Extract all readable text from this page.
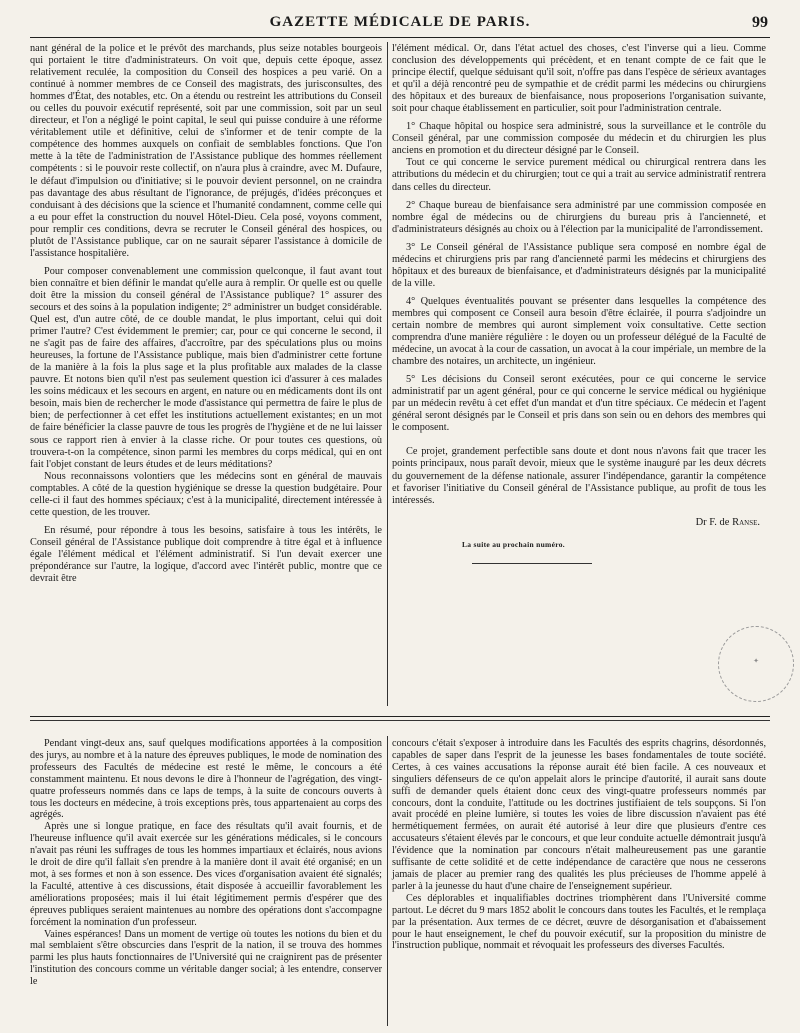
GAZETTE MÉDICALE DE PARIS.	99

nant général de la police et le prévôt des marchands, plus seize notables bourgeois qui portaient le titre d'administrateurs. On voit que, depuis cette époque, assez relativement reculée, la composition du Conseil des hospices a peu varié. On a continué à nommer membres de ce Conseil des magistrats, des jurisconsultes, des hommes d'État, des notables, etc. On a étendu ou restreint les attributions du Conseil ou celles du pouvoir exécutif représenté, soit par une commission, soit par un seul directeur, et l'on a négligé le point capital, le seul qui puisse conduire à une réforme véritablement utile et définitive, celui de s'informer et de tenir compte de la compétence des hommes auxquels on confiait de semblables fonctions. Que l'on mette à la tête de l'administration de l'Assistance publique des hommes réellement compétents : si le pouvoir reste collectif, on n'aura plus à craindre, avec M. Dufaure, le défaut d'impulsion ou d'initiative; si le pouvoir devient personnel, on ne craindra pas davantage des abus résultant de l'ignorance, de préjugés, d'idées préconçues et conduisant à des décisions que la science et l'humanité condamnent, comme celle qui a eu pour effet la construction du nouvel Hôtel-Dieu. Cela posé, voyons comment, pour remplir ces conditions, devra se recruter le Conseil général des hospices, ou plutôt de l'Assistance publique, car on ne saurait séparer l'assistance à domicile de l'assistance hospitalière.

Pour composer convenablement une commission quelconque, il faut avant tout bien connaître et bien définir le mandat qu'elle aura à remplir. Or quelle est ou quelle doit être la mission du conseil général de l'Assistance publique? 1° assurer des secours et des soins à la population indigente; 2° administrer un budget considérable. Quel est, d'un autre côté, de ce double mandat, le plus important, celui qui doit primer l'autre? C'est évidemment le premier; car, pour ce qui concerne le second, il ne s'agit pas de faire des affaires, d'accroître, par des spéculations plus ou moins heureuses, la fortune de l'Assistance publique, mais bien d'administrer cette fortune de la manière à la fois la plus sage et la plus profitable aux malades de la classe pauvre. Et notons bien qu'il n'est pas seulement question ici d'assurer à ces malades les soins médicaux et les secours en argent, en nature ou en médicaments dont ils ont besoin, mais bien de rechercher le mode d'assistance qui permettra de faire le plus de bien; de perfectionner à cet effet les institutions actuellement existantes; en un mot de faire bénéficier la classe pauvre de tous les progrès de l'hygiène et de ne lui laisser sous ce rapport rien à envier à la classe riche. Or pour toutes ces questions, où trouvera-t-on la compétence, sinon parmi les membres du corps médical, qui en ont fait l'objet constant de leurs études et de leurs méditations?

Nous reconnaissons volontiers que les médecins sont en général de mauvais comptables. A côté de la question hygiénique se dresse la question budgétaire. Pour celle-ci il faut des hommes spéciaux; c'est à la municipalité, directement intéressée à cette question, de les trouver.

En résumé, pour répondre à tous les besoins, satisfaire à tous les intérêts, le Conseil général de l'Assistance publique doit comprendre à titre égal et à influence égale l'élément médical et l'élément administratif. Si l'un devait exercer une prépondérance sur l'autre, la logique, d'accord avec l'intérêt public, montre que ce devrait être

l'élément médical. Or, dans l'état actuel des choses, c'est l'inverse qui a lieu. Comme conclusion des développements qui précèdent, et en tenant compte de ce fait que le principe électif, quelque séduisant qu'il soit, n'offre pas dans l'espèce de sérieux avantages et qu'il a déjà rencontré peu de sympathie et de crédit parmi les médecins ou chirurgiens des hôpitaux et des bureaux de bienfaisance, nous proposerions l'organisation suivante, soit pour chaque établissement en particulier, soit pour l'administration centrale.

1° Chaque hôpital ou hospice sera administré, sous la surveillance et le contrôle du Conseil général, par une commission composée du médecin et du chirurgien les plus anciens en promotion et du directeur désigné par le Conseil.

Tout ce qui concerne le service purement médical ou chirurgical rentrera dans les attributions du médecin et du chirurgien; tout ce qui a trait au service administratif rentrera dans celles du directeur.

2° Chaque bureau de bienfaisance sera administré par une commission composée en nombre égal de médecins ou de chirurgiens du bureau pris à l'ancienneté, et d'administrateurs désignés au choix ou à l'élection par la municipalité de l'arrondissement.

3° Le Conseil général de l'Assistance publique sera composé en nombre égal de médecins et chirurgiens pris par rang d'ancienneté parmi les médecins et chirurgiens des hôpitaux et des bureaux de bienfaisance, et d'administrateurs désignés par la municipalité de la ville.

4° Quelques éventualités pouvant se présenter dans lesquelles la compétence des membres qui composent ce Conseil aura besoin d'être éclairée, il pourra s'adjoindre un certain nombre de membres qui auront simplement voix consultative. Cette section comprendra d'une manière régulière : le doyen ou un professeur délégué de la Faculté de médecine, un avocat à la cour de cassation, un avocat à la cour impériale, un membre de la chambre des notaires, un architecte, un ingénieur.

5° Les décisions du Conseil seront exécutées, pour ce qui concerne le service administratif par un agent général, pour ce qui concerne le service médical ou hygiénique par un médecin revêtu à cet effet d'un mandat et d'un titre spéciaux. Ce médecin et l'agent général seront désignés par le Conseil et pris dans son sein ou en dehors des membres qui le composent.

Ce projet, grandement perfectible sans doute et dont nous n'avons fait que tracer les points principaux, nous paraît devoir, mieux que le système inauguré par les deux décrets du gouvernement de la défense nationale, assurer l'indépendance, garantir la compétence et favoriser l'initiative du Conseil général de l'Assistance publique, au profit de tous les intéressés.

Dr F. de Ranse.
La suite au prochain numéro.
✦

Pendant vingt-deux ans, sauf quelques modifications apportées à la composition des jurys, au nombre et à la nature des épreuves publiques, le mode de nomination des professeurs des Facultés de médecine est resté le même, le concours a été constamment maintenu. Et nous devons le dire à l'honneur de l'agrégation, des vingt-quatre professeurs nommés dans ce laps de temps, à la suite de concours ouverts à tous les docteurs en médecine, à trois exceptions près, tous appartenaient au corps des agrégés.

Après une si longue pratique, en face des résultats qu'il avait fournis, et de l'heureuse influence qu'il avait exercée sur les générations médicales, si le concours n'avait pas réuni les suffrages de tous les hommes impartiaux et éclairés, nous avions le droit de dire qu'il fallait s'en prendre à la manière dont il avait été organisé; en un mot, à ses formes et non à son essence. Des vices d'organisation avaient été signalés; la Faculté, attentive à ces discussions, était disposée à accueillir favorablement les améliorations proposées; mais il lui était légitimement permis d'espérer que des épreuves publiques seraient maintenues au nombre des opérations dont s'accompagne forcément la nomination d'un professeur.

Vaines espérances! Dans un moment de vertige où toutes les notions du bien et du mal semblaient s'être obscurcies dans l'esprit de la nation, il se trouva des hommes parmi les plus hauts fonctionnaires de l'Université qui ne craignirent pas de présenter l'institution des concours comme un véritable danger social; à les entendre, conserver le

concours c'était s'exposer à introduire dans les Facultés des esprits chagrins, désordonnés, capables de saper dans l'esprit de la jeunesse les bases fondamentales de toute société. Certes, à ces vaines accusations la réponse aurait été bien facile. A ces nouveaux et singuliers défenseurs de ce qu'on appelait alors le principe d'autorité, il aurait sans doute suffi de demander quels étaient donc ceux des vingt-quatre professeurs nommés par concours, dont la conduite, l'attitude ou les doctrines justifiaient de tels soupçons. Si l'on avait procédé en pleine lumière, si toutes les voies de libre discussion n'avaient pas été hermétiquement fermées, on aurait été autorisé à leur dire que plusieurs d'entre ces accusateurs s'étaient élevés par le concours, et que leur conduite actuelle démontrait jusqu'à l'évidence que la nomination par concours n'était malheureusement pas une garantie suffisante de cette solidité et de cette indépendance de caractère que nous ne cesserons jamais de placer au premier rang des qualités les plus précieuses de l'homme appelé à parler à la jeunesse du haut d'une chaire de l'enseignement supérieur.

Ces déplorables et inqualifiables doctrines triomphèrent dans l'Université comme partout. Le décret du 9 mars 1852 abolit le concours dans toutes les Facultés, et le remplaça par la présentation. Aux termes de ce décret, œuvre de désorganisation et d'abaissement pour le haut enseignement, le chef du pouvoir exécutif, sur la proposition du ministre de l'instruction publique, nommait et révoquait les professeurs des diverses Facultés.
